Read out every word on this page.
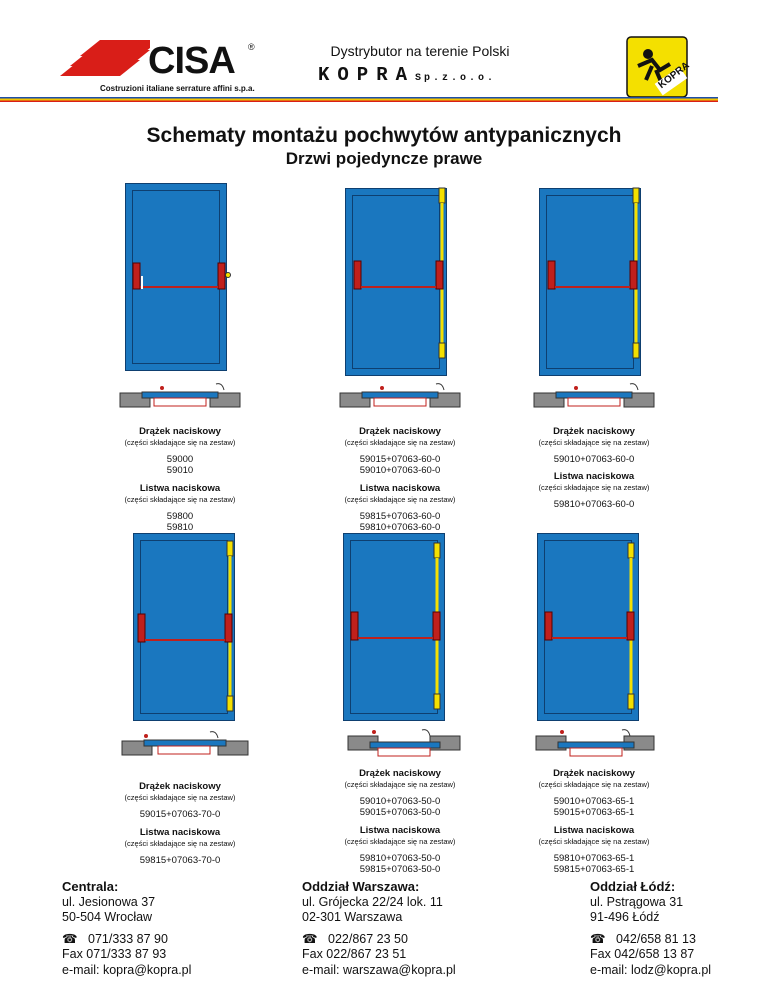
CISA ®
Costruzioni italiane serrature affini s.p.a.
Dystrybutor na terenie Polski
KOPRASp.z.o.o.	KOPRA
Schematy montażu pochwytów antypanicznych
Drzwi pojedyncze prawe
Drążek naciskowy
(części składające się na zestaw)
59000
59010
Listwa naciskowa
(części składające się na zestaw)
59800
59810
Drążek naciskowy
(części składające się na zestaw)
59015+07063-60-0
59010+07063-60-0
Listwa naciskowa
(części składające się na zestaw)
59815+07063-60-0
59810+07063-60-0
Drążek naciskowy
(części składające się na zestaw)
59010+07063-60-0
Listwa naciskowa
(części składające się na zestaw)
59810+07063-60-0
Drążek naciskowy
(części składające się na zestaw)
59015+07063-70-0
Listwa naciskowa
(części składające się na zestaw)
59815+07063-70-0
Drążek naciskowy
(części składające się na zestaw)
59010+07063-50-0
59015+07063-50-0
Listwa naciskowa
(części składające się na zestaw)
59810+07063-50-0
59815+07063-50-0
Drążek naciskowy
(części składające się na zestaw)
59010+07063-65-1
59015+07063-65-1
Listwa naciskowa
(części składające się na zestaw)
59810+07063-65-1
59815+07063-65-1
Centrala:
ul. Jesionowa 37
50-504 Wrocław
☎ 071/333 87 90
Fax 071/333 87 93
e-mail: kopra@kopra.pl
Oddział Warszawa:
ul. Grójecka 22/24 lok. 11
02-301 Warszawa
☎ 022/867 23 50
Fax 022/867 23 51
e-mail: warszawa@kopra.pl
Oddział Łódź:
ul. Pstrągowa 31
91-496 Łódź
☎ 042/658 81 13
Fax 042/658 13 87
e-mail: lodz@kopra.pl
